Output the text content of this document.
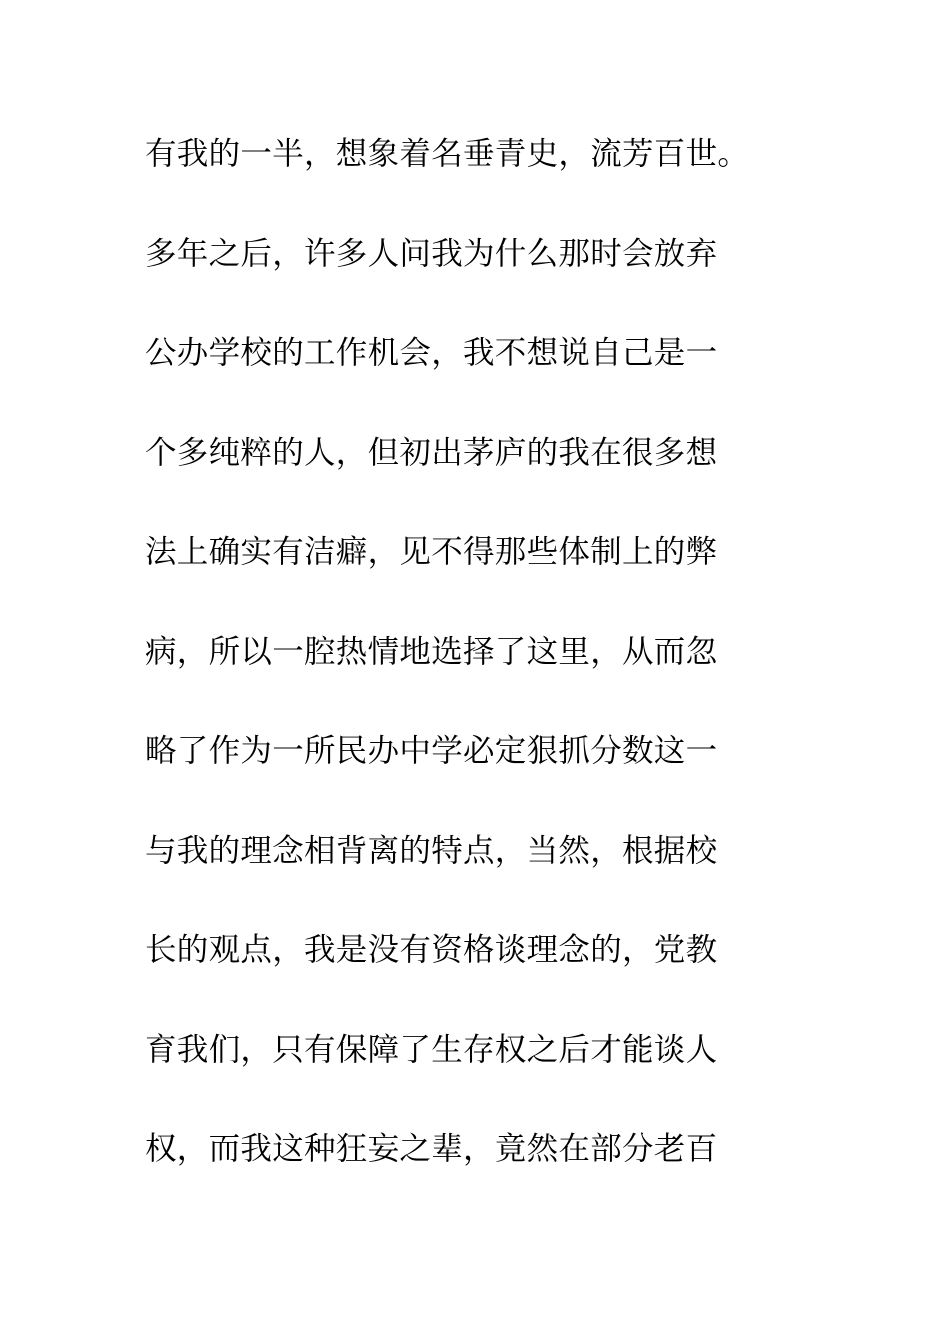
有我的一半，想象着名垂青史，流芳百世。
多年之后，许多人问我为什么那时会放弃
公办学校的工作机会，我不想说自己是一
个多纯粹的人，但初出茅庐的我在很多想
法上确实有洁癖，见不得那些体制上的弊
病，所以一腔热情地选择了这里，从而忽
略了作为一所民办中学必定狠抓分数这一
与我的理念相背离的特点，当然，根据校
长的观点，我是没有资格谈理念的，党教
育我们，只有保障了生存权之后才能谈人
权，而我这种狂妄之辈，竟然在部分老百
